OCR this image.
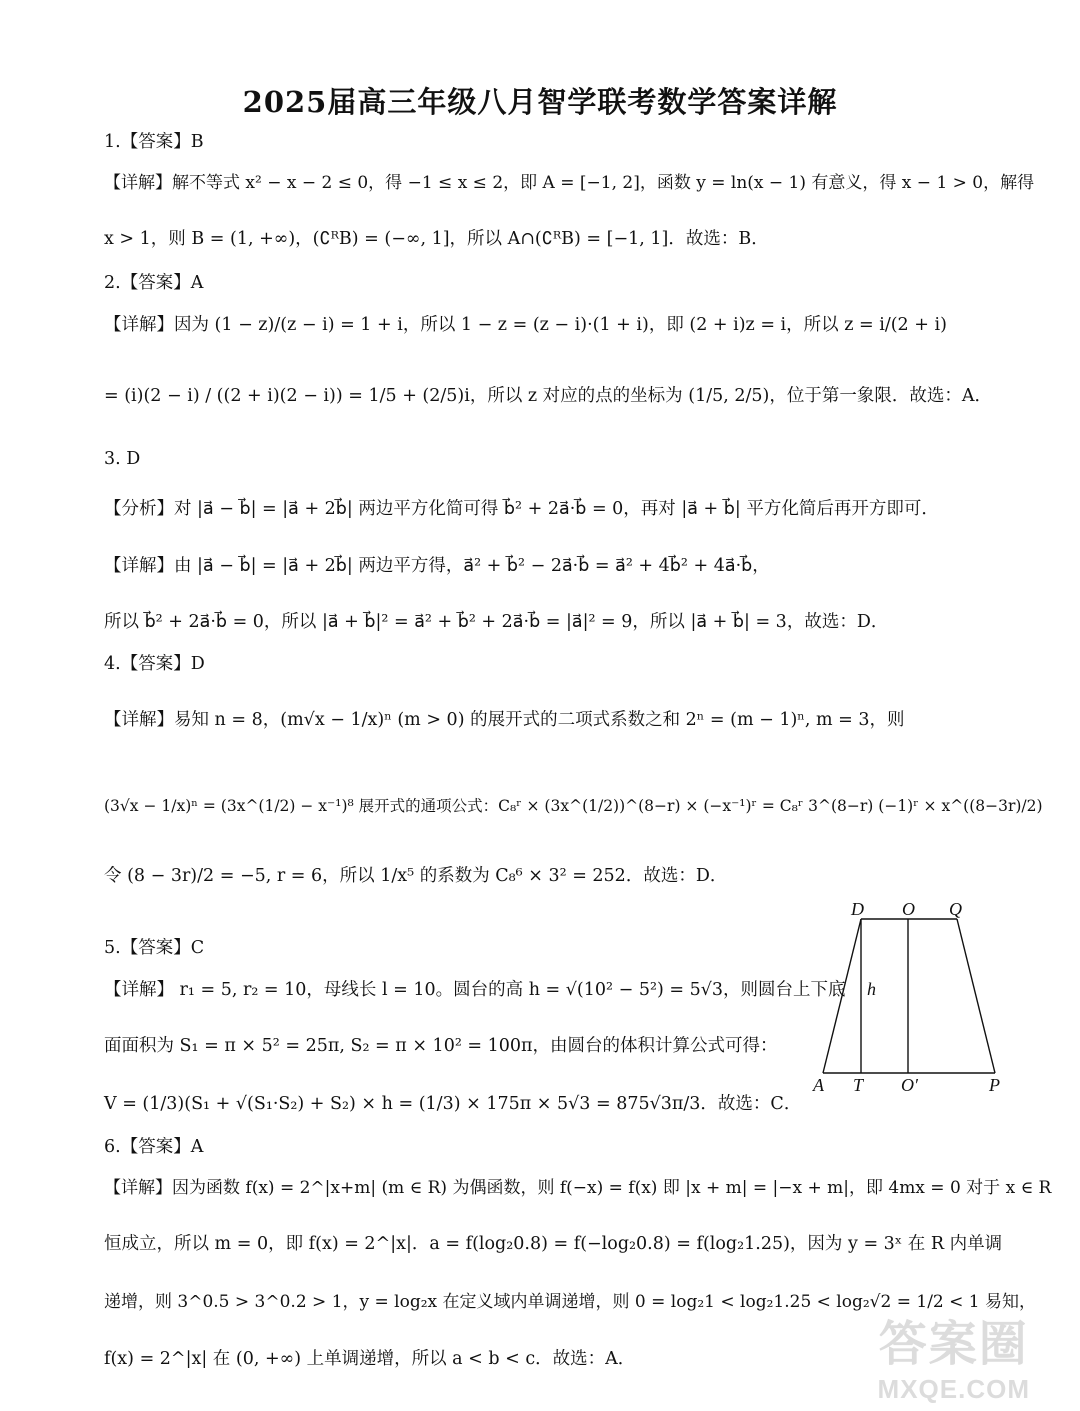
2025届高三年级八月智学联考数学答案详解
1.【答案】B
【详解】解不等式 x² − x − 2 ≤ 0，得 −1 ≤ x ≤ 2，即 A = [−1, 2]，函数 y = ln(x − 1) 有意义，得 x − 1 > 0，解得
x > 1，则 B = (1, +∞)，(∁ᴿB) = (−∞, 1]，所以 A∩(∁ᴿB) = [−1, 1]．故选：B．
2.【答案】A
【详解】因为 (1 − z)/(z − i) = 1 + i，所以 1 − z = (z − i)·(1 + i)，即 (2 + i)z = i，所以 z = i/(2 + i)
= (i)(2 − i) / ((2 + i)(2 − i)) = 1/5 + (2/5)i，所以 z 对应的点的坐标为 (1/5, 2/5)，位于第一象限．故选：A．
3. D
【分析】对 |a⃗ − b⃗| = |a⃗ + 2b⃗| 两边平方化简可得 b⃗² + 2a⃗·b⃗ = 0，再对 |a⃗ + b⃗| 平方化简后再开方即可．
【详解】由 |a⃗ − b⃗| = |a⃗ + 2b⃗| 两边平方得，a⃗² + b⃗² − 2a⃗·b⃗ = a⃗² + 4b⃗² + 4a⃗·b⃗，
所以 b⃗² + 2a⃗·b⃗ = 0，所以 |a⃗ + b⃗|² = a⃗² + b⃗² + 2a⃗·b⃗ = |a⃗|² = 9，所以 |a⃗ + b⃗| = 3，故选：D．
4.【答案】D
【详解】易知 n = 8，(m√x − 1/x)ⁿ (m > 0) 的展开式的二项式系数之和 2ⁿ = (m − 1)ⁿ, m = 3，则
(3√x − 1/x)ⁿ = (3x^(1/2) − x⁻¹)⁸ 展开式的通项公式：C₈ʳ × (3x^(1/2))^(8−r) × (−x⁻¹)ʳ = C₈ʳ 3^(8−r) (−1)ʳ × x^((8−3r)/2)
令 (8 − 3r)/2 = −5, r = 6，所以 1/x⁵ 的系数为 C₈⁶ × 3² = 252．故选：D．
5.【答案】C
【详解】 r₁ = 5, r₂ = 10，母线长 l = 10。圆台的高 h = √(10² − 5²) = 5√3，则圆台上下底
面面积为 S₁ = π × 5² = 25π, S₂ = π × 10² = 100π，由圆台的体积计算公式可得：
V = (1/3)(S₁ + √(S₁·S₂) + S₂) × h = (1/3) × 175π × 5√3 = 875√3π/3．故选：C．
6.【答案】A
【详解】因为函数 f(x) = 2^|x+m| (m ∈ R) 为偶函数，则 f(−x) = f(x) 即 |x + m| = |−x + m|，即 4mx = 0 对于 x ∈ R
恒成立，所以 m = 0，即 f(x) = 2^|x|．a = f(log₂0.8) = f(−log₂0.8) = f(log₂1.25)，因为 y = 3ˣ 在 R 内单调
递增，则 3^0.5 > 3^0.2 > 1，y = log₂x 在定义域内单调递增，则 0 = log₂1 < log₂1.25 < log₂√2 = 1/2 < 1 易知，
f(x) = 2^|x| 在 (0, +∞) 上单调递增，所以 a < b < c．故选：A．
D O Q
h
A T O′	P
答案圈
MXQE.COM
